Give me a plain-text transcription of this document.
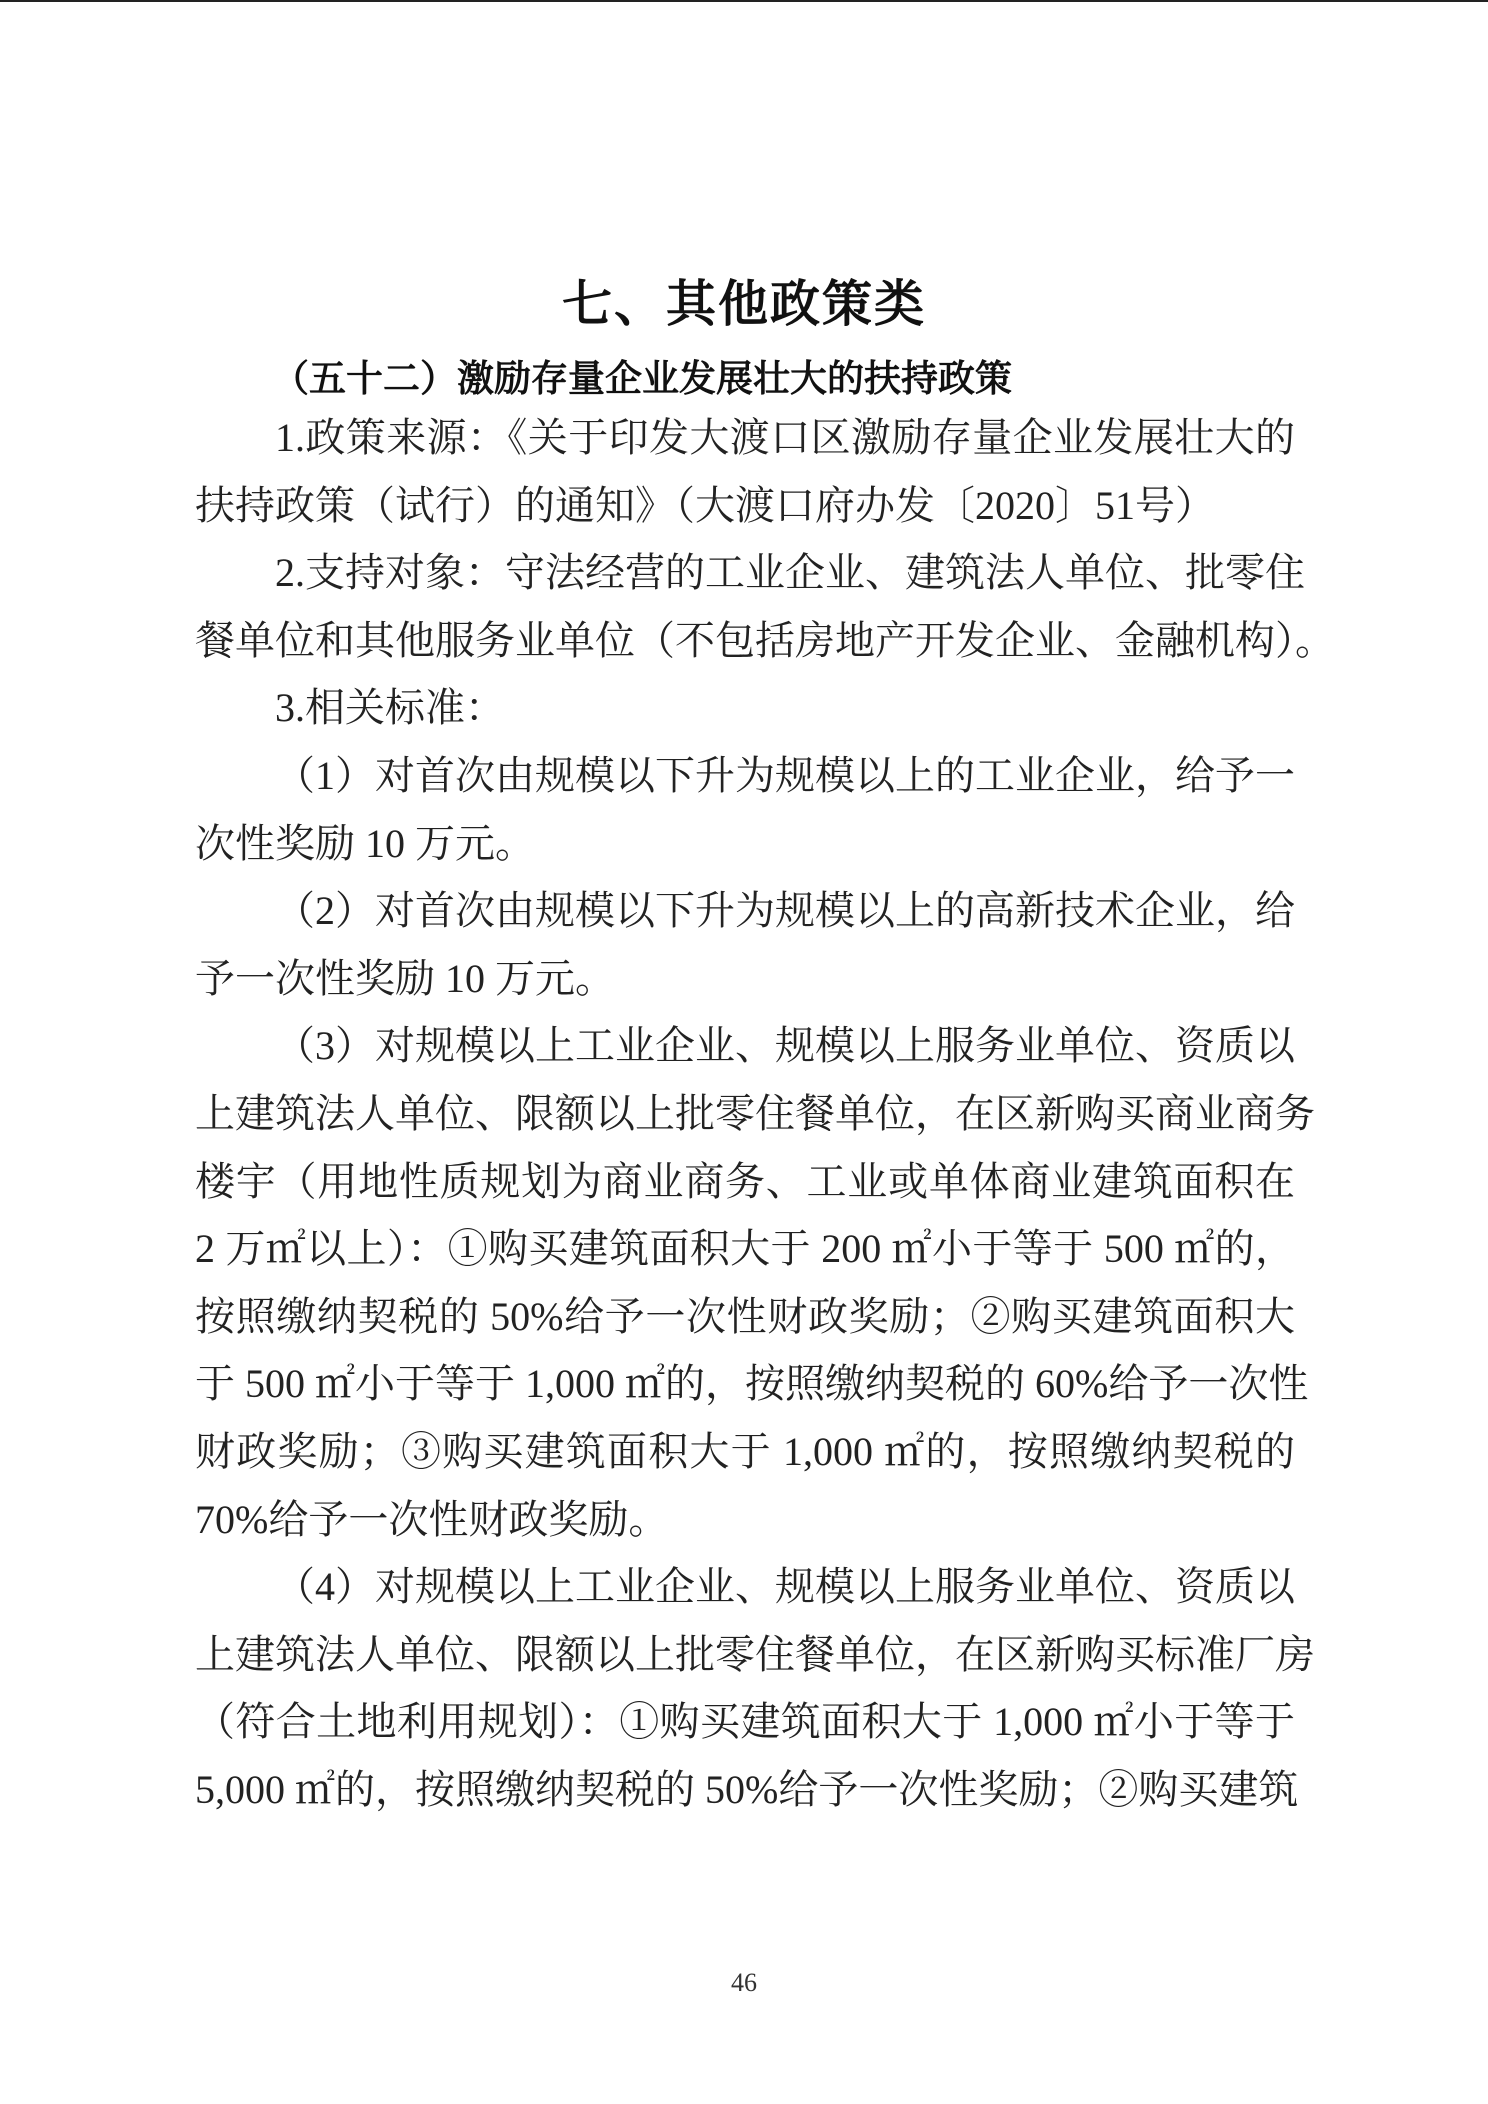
七、其他政策类
（五十二）激励存量企业发展壮大的扶持政策
1.政策来源：《关于印发大渡口区激励存量企业发展壮大的
扶持政策（试行）的通知》（大渡口府办发〔2020〕51号）
2.支持对象：守法经营的工业企业、建筑法人单位、批零住
餐单位和其他服务业单位（不包括房地产开发企业、金融机构）。
3.相关标准：
（1）对首次由规模以下升为规模以上的工业企业，给予一
次性奖励 10 万元。
（2）对首次由规模以下升为规模以上的高新技术企业，给
予一次性奖励 10 万元。
（3）对规模以上工业企业、规模以上服务业单位、资质以
上建筑法人单位、限额以上批零住餐单位，在区新购买商业商务
楼宇（用地性质规划为商业商务、工业或单体商业建筑面积在
2 万㎡以上）：①购买建筑面积大于 200 ㎡小于等于 500 ㎡的，
按照缴纳契税的 50%给予一次性财政奖励；②购买建筑面积大
于 500 ㎡小于等于 1,000 ㎡的，按照缴纳契税的 60%给予一次性
财政奖励；③购买建筑面积大于 1,000 ㎡的，按照缴纳契税的
70%给予一次性财政奖励。
（4）对规模以上工业企业、规模以上服务业单位、资质以
上建筑法人单位、限额以上批零住餐单位，在区新购买标准厂房
（符合土地利用规划）：①购买建筑面积大于 1,000 ㎡小于等于
5,000 ㎡的，按照缴纳契税的 50%给予一次性奖励；②购买建筑
46
